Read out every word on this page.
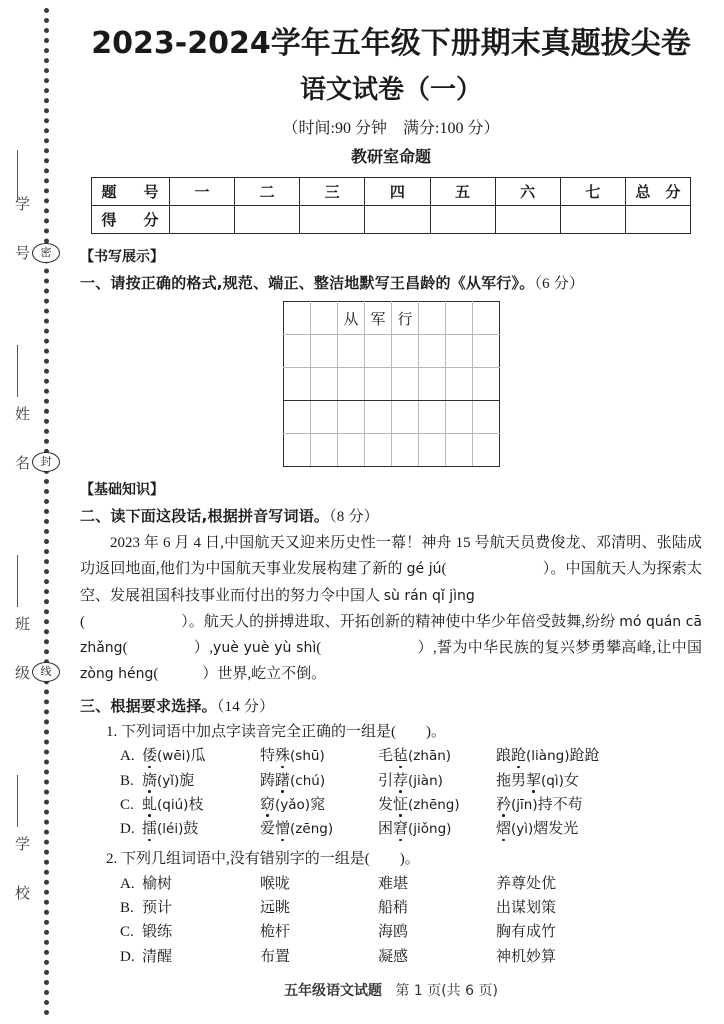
学 号
姓 名
班 级
学 校
密
封
线
2023-2024学年五年级下册期末真题拔尖卷
语文试卷（一）
（时间:90 分钟　满分:100 分）
教研室命题
题　号	一	二	三	四	五	六	七	总　分
得　分								
【书写展示】
一、请按正确的格式,规范、端正、整洁地默写王昌龄的《从军行》。（6 分）
		从	军	行			

【基础知识】
二、读下面这段话,根据拼音写词语。（8 分）
2023 年 6 月 4 日,中国航天又迎来历史性一幕！神舟 15 号航天员费俊龙、邓清明、张陆成功返回地面,他们为中国航天事业发展构建了新的 gé jú(	）。中国航天人为探索太空、发展祖国科技事业而付出的努力令中国人 sù rán qǐ jìng
(	）。航天人的拼搏进取、开拓创新的精神使中华少年倍受鼓舞,纷纷 mó quán cā zhǎng(	）,yuè yuè yù shì(	）,誓为中华民族的复兴梦勇攀高峰,让中国 zòng héng(	）世界,屹立不倒。
三、根据要求选择。（14 分）
1. 下列词语中加点字读音完全正确的一组是(　　)。
A. 倭(wēi)瓜	特殊(shū)	毛毡(zhān)	踉跄(liàng)跄跄
B. 旖(yǐ)旎	踌躇(chú)	引荐(jiàn)	拖男挈(qì)女
C. 虬(qiú)枝	窈(yǎo)窕	发怔(zhēng)	矜(jīn)持不苟
D. 擂(léi)鼓	爱憎(zēng)	困窘(jiǒng)	熠(yì)熠发光
2. 下列几组词语中,没有错别字的一组是(　　)。
A. 榆树	喉咙	难堪	养尊处优
B. 预计	远眺	船稍	出谋划策
C. 锻练	桅杆	海鸥	胸有成竹
D. 清醒	布置	凝感	神机妙算
五年级语文试题 第 1 页(共 6 页)
